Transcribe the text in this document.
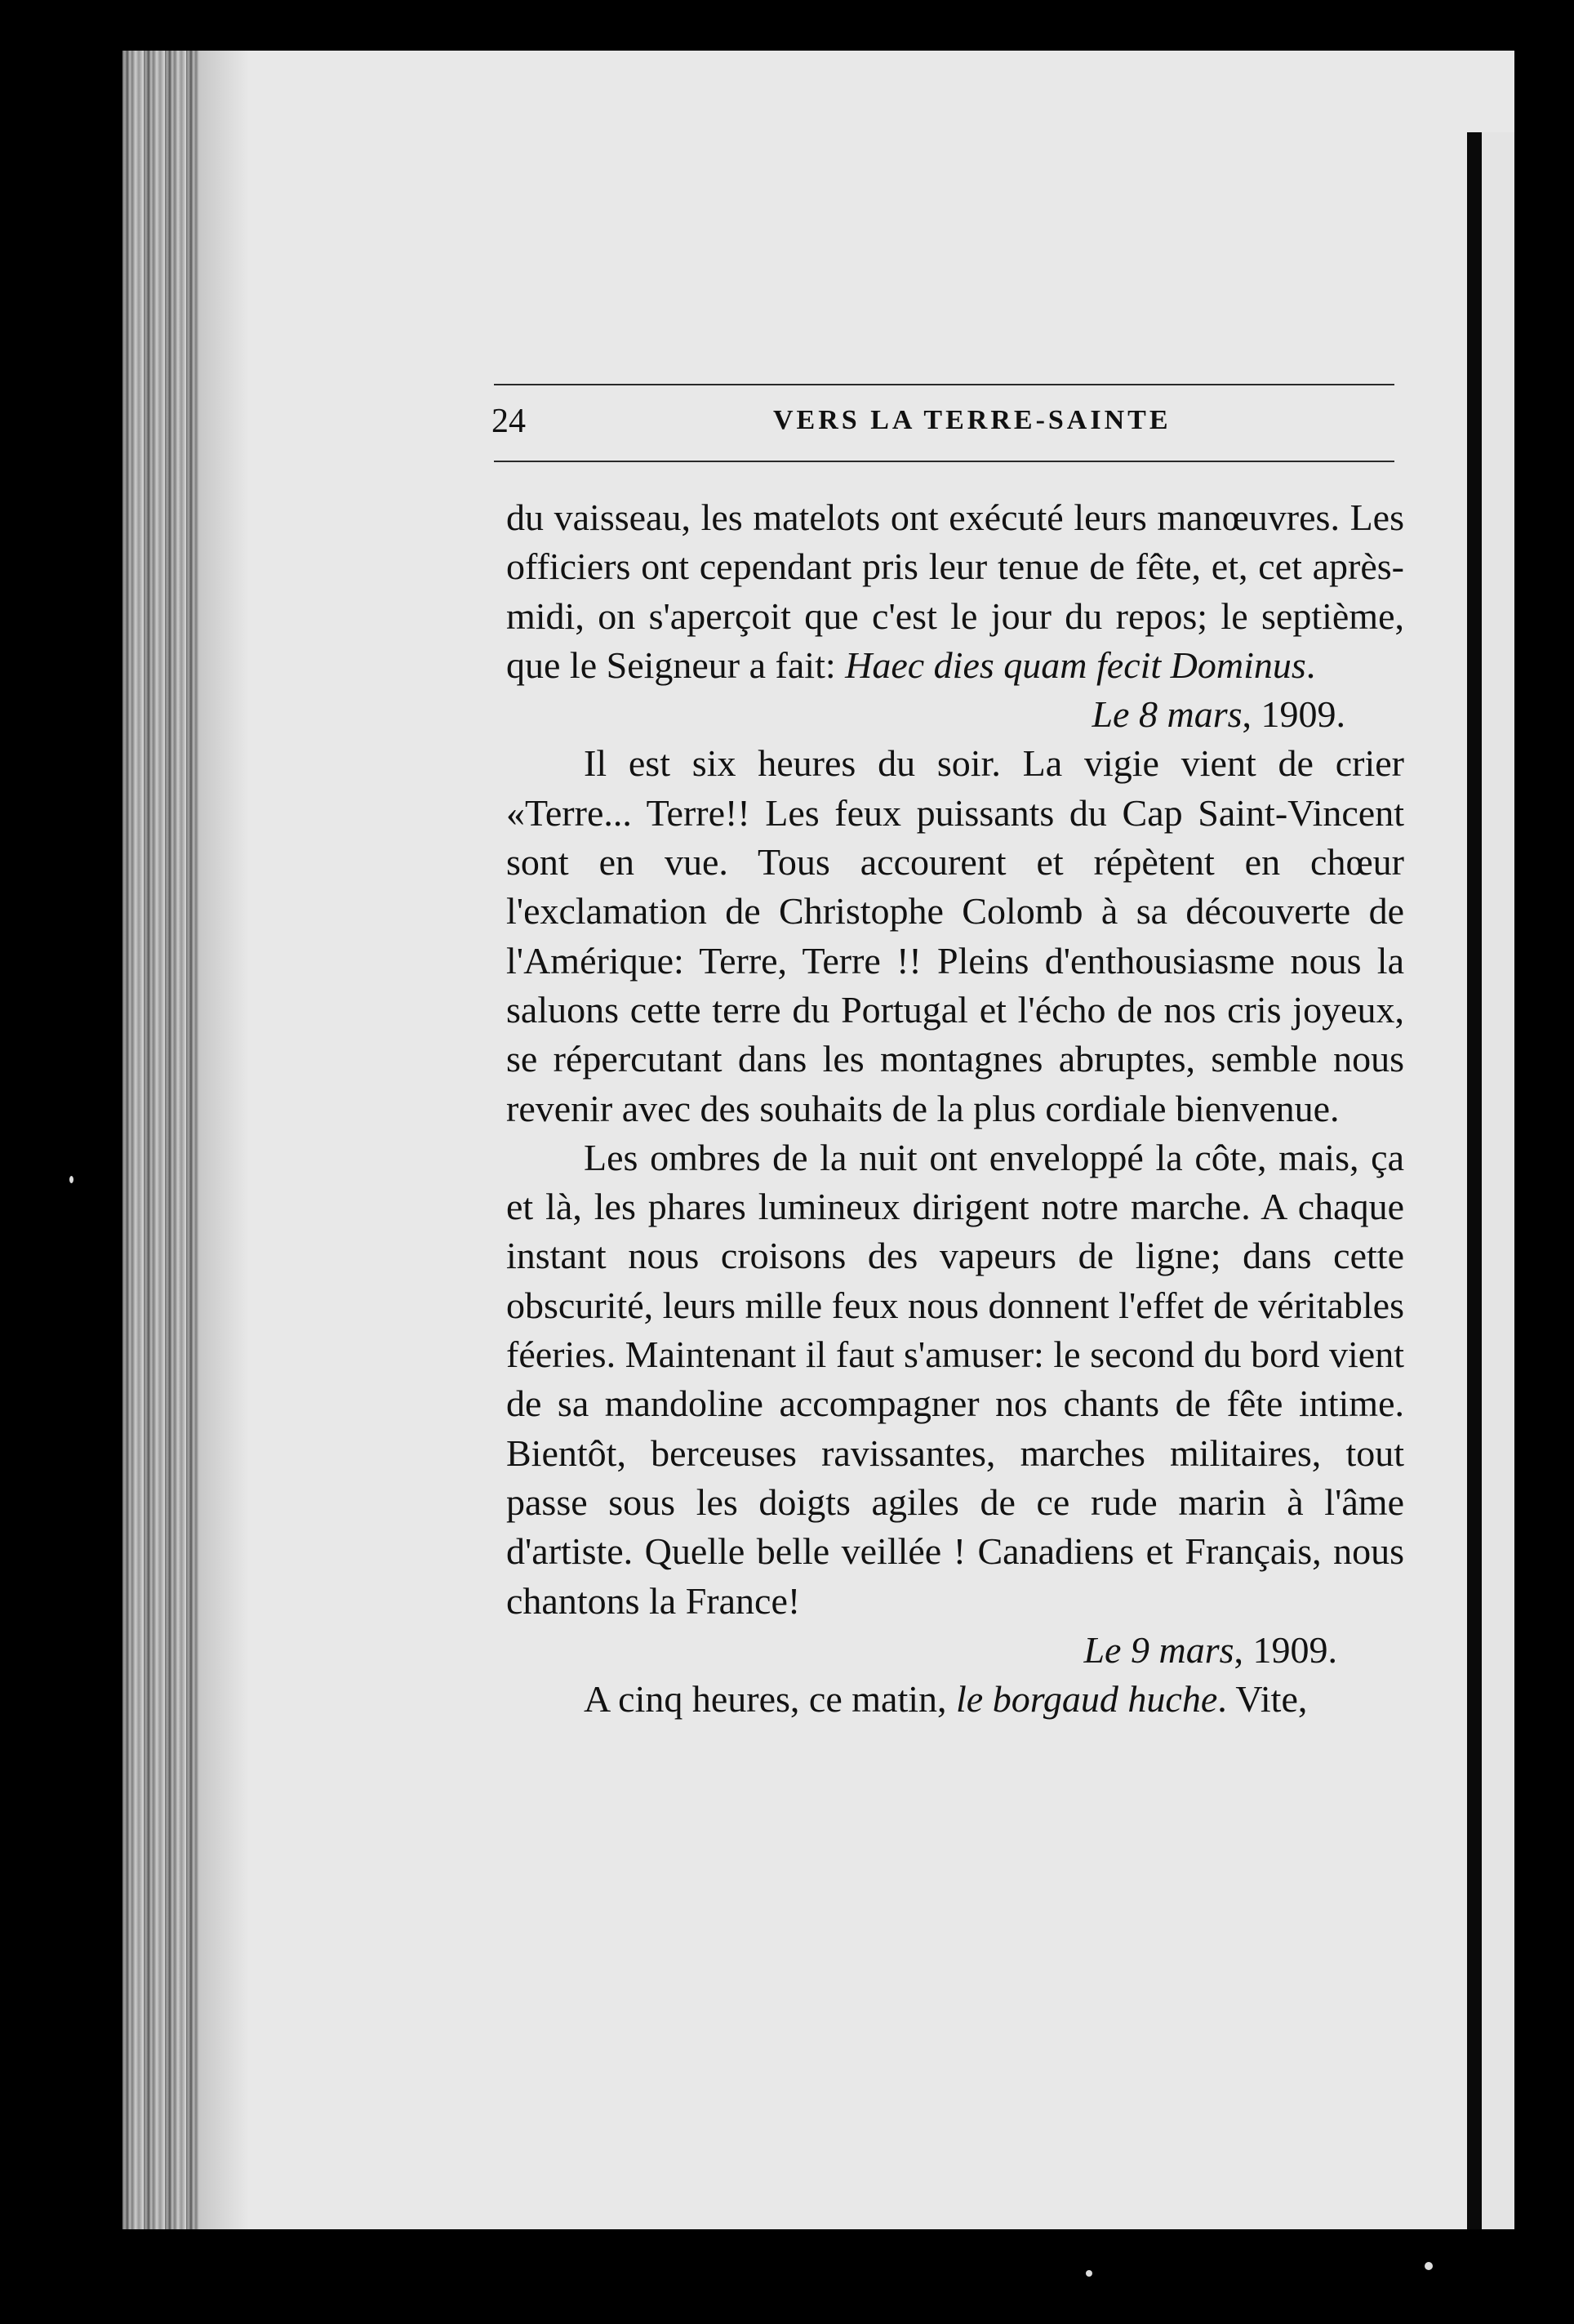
24	VERS LA TERRE-SAINTE

du vaisseau, les matelots ont exécuté leurs manœuvres. Les officiers ont cependant pris leur tenue de fête, et, cet après-midi, on s'aperçoit que c'est le jour du repos; le septième, que le Seigneur a fait: Haec dies quam fecit Dominus.

Le 8 mars, 1909.

Il est six heures du soir. La vigie vient de crier «Terre... Terre!! Les feux puissants du Cap Saint-Vincent sont en vue. Tous accourent et répètent en chœur l'exclamation de Christophe Colomb à sa découverte de l'Amérique: Terre, Terre !! Pleins d'enthousiasme nous la saluons cette terre du Portugal et l'écho de nos cris joyeux, se répercutant dans les montagnes abruptes, semble nous revenir avec des souhaits de la plus cordiale bienvenue.

Les ombres de la nuit ont enveloppé la côte, mais, ça et là, les phares lumineux dirigent notre marche. A chaque instant nous croisons des vapeurs de ligne; dans cette obscurité, leurs mille feux nous donnent l'effet de véritables féeries. Maintenant il faut s'amuser: le second du bord vient de sa mandoline accompagner nos chants de fête intime. Bientôt, berceuses ravissantes, marches militaires, tout passe sous les doigts agiles de ce rude marin à l'âme d'artiste. Quelle belle veillée ! Canadiens et Français, nous chantons la France!

Le 9 mars, 1909.

A cinq heures, ce matin, le borgaud huche. Vite,
